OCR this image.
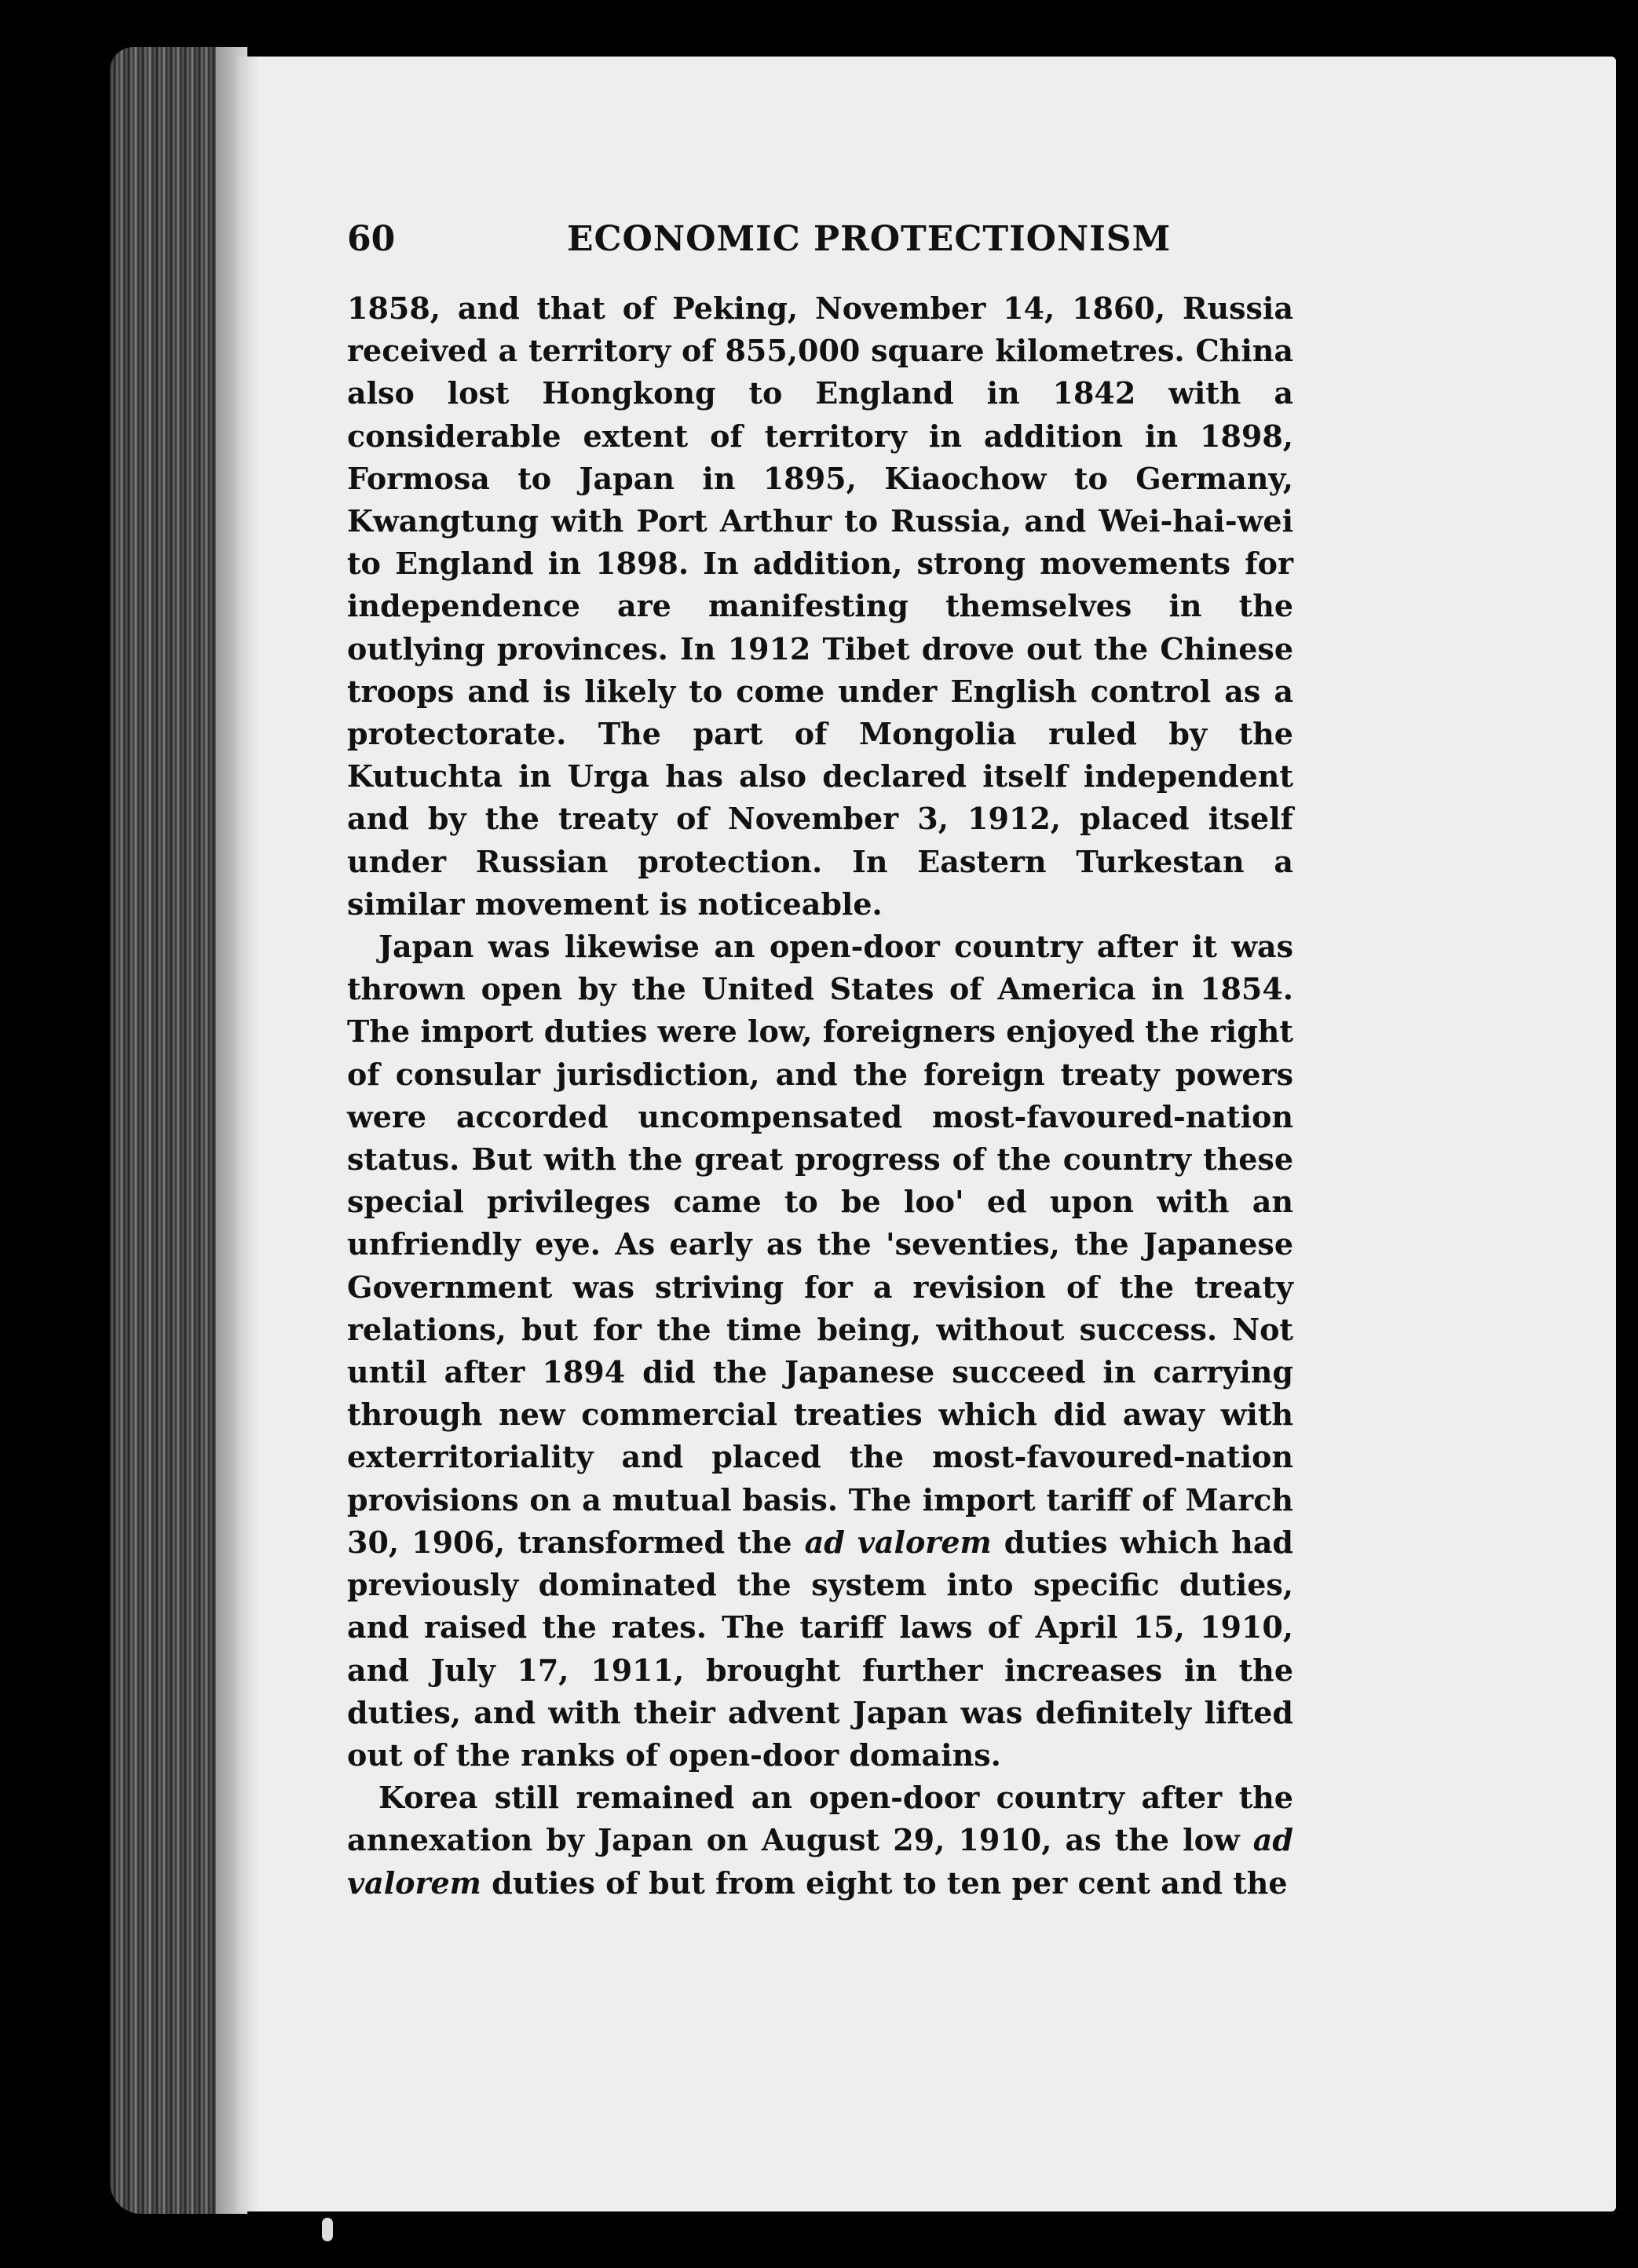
60	ECONOMIC PROTECTIONISM

1858, and that of Peking, November 14, 1860, Russia received a territory of 855,000 square kilometres. China also lost Hongkong to England in 1842 with a considerable extent of territory in addition in 1898, Formosa to Japan in 1895, Kiaochow to Germany, Kwangtung with Port Arthur to Russia, and Wei-hai-wei to England in 1898. In addition, strong movements for independence are manifesting themselves in the outlying provinces. In 1912 Tibet drove out the Chinese troops and is likely to come under English control as a protectorate. The part of Mongolia ruled by the Kutuchta in Urga has also declared itself independent and by the treaty of November 3, 1912, placed itself under Russian protection. In Eastern Turkestan a similar movement is noticeable.

Japan was likewise an open-door country after it was thrown open by the United States of America in 1854. The import duties were low, foreigners enjoyed the right of consular jurisdiction, and the foreign treaty powers were accorded uncompensated most-favoured-nation status. But with the great progress of the country these special privileges came to be loo' ed upon with an unfriendly eye. As early as the 'seventies, the Japanese Government was striving for a revision of the treaty relations, but for the time being, without success. Not until after 1894 did the Japanese succeed in carrying through new commercial treaties which did away with exterritoriality and placed the most-favoured-nation provisions on a mutual basis. The import tariff of March 30, 1906, transformed the ad valorem duties which had previously dominated the system into specific duties, and raised the rates. The tariff laws of April 15, 1910, and July 17, 1911, brought further increases in the duties, and with their advent Japan was definitely lifted out of the ranks of open-door domains.

Korea still remained an open-door country after the annexation by Japan on August 29, 1910, as the low ad valorem duties of but from eight to ten per cent and the
